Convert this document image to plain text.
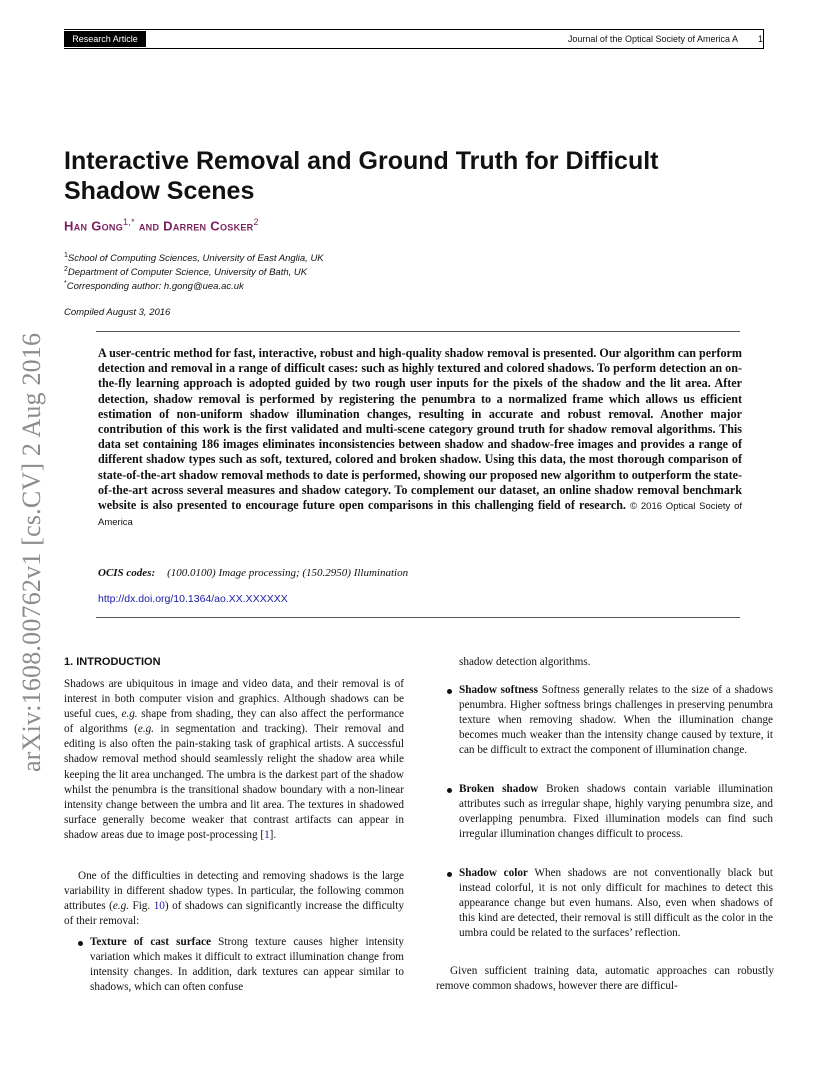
Research Article	Journal of the Optical Society of America A 1
arXiv:1608.00762v1 [cs.CV] 2 Aug 2016
Interactive Removal and Ground Truth for Difficult Shadow Scenes
Han Gong$^{1,*}$ and Darren Cosker$^2$
$^1$School of Computing Sciences, University of East Anglia, UK
$^2$Department of Computer Science, University of Bath, UK
*Corresponding author: h.gong@uea.ac.uk
Compiled August 3, 2016
A user-centric method for fast, interactive, robust and high-quality shadow removal is presented. Our algorithm can perform detection and removal in a range of difficult cases: such as highly textured and colored shadows. To perform detection an on-the-fly learning approach is adopted guided by two rough user inputs for the pixels of the shadow and the lit area. After detection, shadow removal is performed by registering the penumbra to a normalized frame which allows us efficient estimation of non-uniform shadow illumination changes, resulting in accurate and robust removal. Another major contribution of this work is the first validated and multi-scene category ground truth for shadow removal algorithms. This data set containing 186 images eliminates inconsistencies between shadow and shadow-free images and provides a range of different shadow types such as soft, textured, colored and broken shadow. Using this data, the most thorough comparison of state-of-the-art shadow removal methods to date is performed, showing our proposed new algorithm to outperform the state-of-the-art across several measures and shadow category. To complement our dataset, an online shadow removal benchmark website is also presented to encourage future open comparisons in this challenging field of research. © 2016 Optical Society of America
OCIS codes: (100.0100) Image processing; (150.2950) Illumination
http://dx.doi.org/10.1364/ao.XX.XXXXXX
1. INTRODUCTION
Shadows are ubiquitous in image and video data, and their removal is of interest in both computer vision and graphics. Although shadows can be useful cues, e.g. shape from shading, they can also affect the performance of algorithms (e.g. in segmentation and tracking). Their removal and editing is also often the pain-staking task of graphical artists. A successful shadow removal method should seamlessly relight the shadow area while keeping the lit area unchanged. The umbra is the darkest part of the shadow whilst the penumbra is the transitional shadow boundary with a non-linear intensity change between the umbra and lit area. The textures in shadowed surface generally become weaker that contrast artifacts can appear in shadow areas due to image post-processing [1].
One of the difficulties in detecting and removing shadows is the large variability in different shadow types. In particular, the following common attributes (e.g. Fig. 10) of shadows can significantly increase the difficulty of their removal:
Texture of cast surface Strong texture causes higher intensity variation which makes it difficult to extract illumination change from intensity changes. In addition, dark textures can appear similar to shadows, which can often confuse
shadow detection algorithms.
Shadow softness Softness generally relates to the size of a shadows penumbra. Higher softness brings challenges in preserving penumbra texture when removing shadow. When the illumination change becomes much weaker than the intensity change caused by texture, it can be difficult to extract the component of illumination change.
Broken shadow Broken shadows contain variable illumination attributes such as irregular shape, highly varying penumbra size, and overlapping penumbra. Fixed illumination models can find such irregular illumination changes difficult to process.
Shadow color When shadows are not conventionally black but instead colorful, it is not only difficult for machines to detect this appearance change but even humans. Also, even when shadows of this kind are detected, their removal is still difficult as the color in the umbra could be related to the surfaces’ reflection.
Given sufficient training data, automatic approaches can robustly remove common shadows, however there are difficul-
